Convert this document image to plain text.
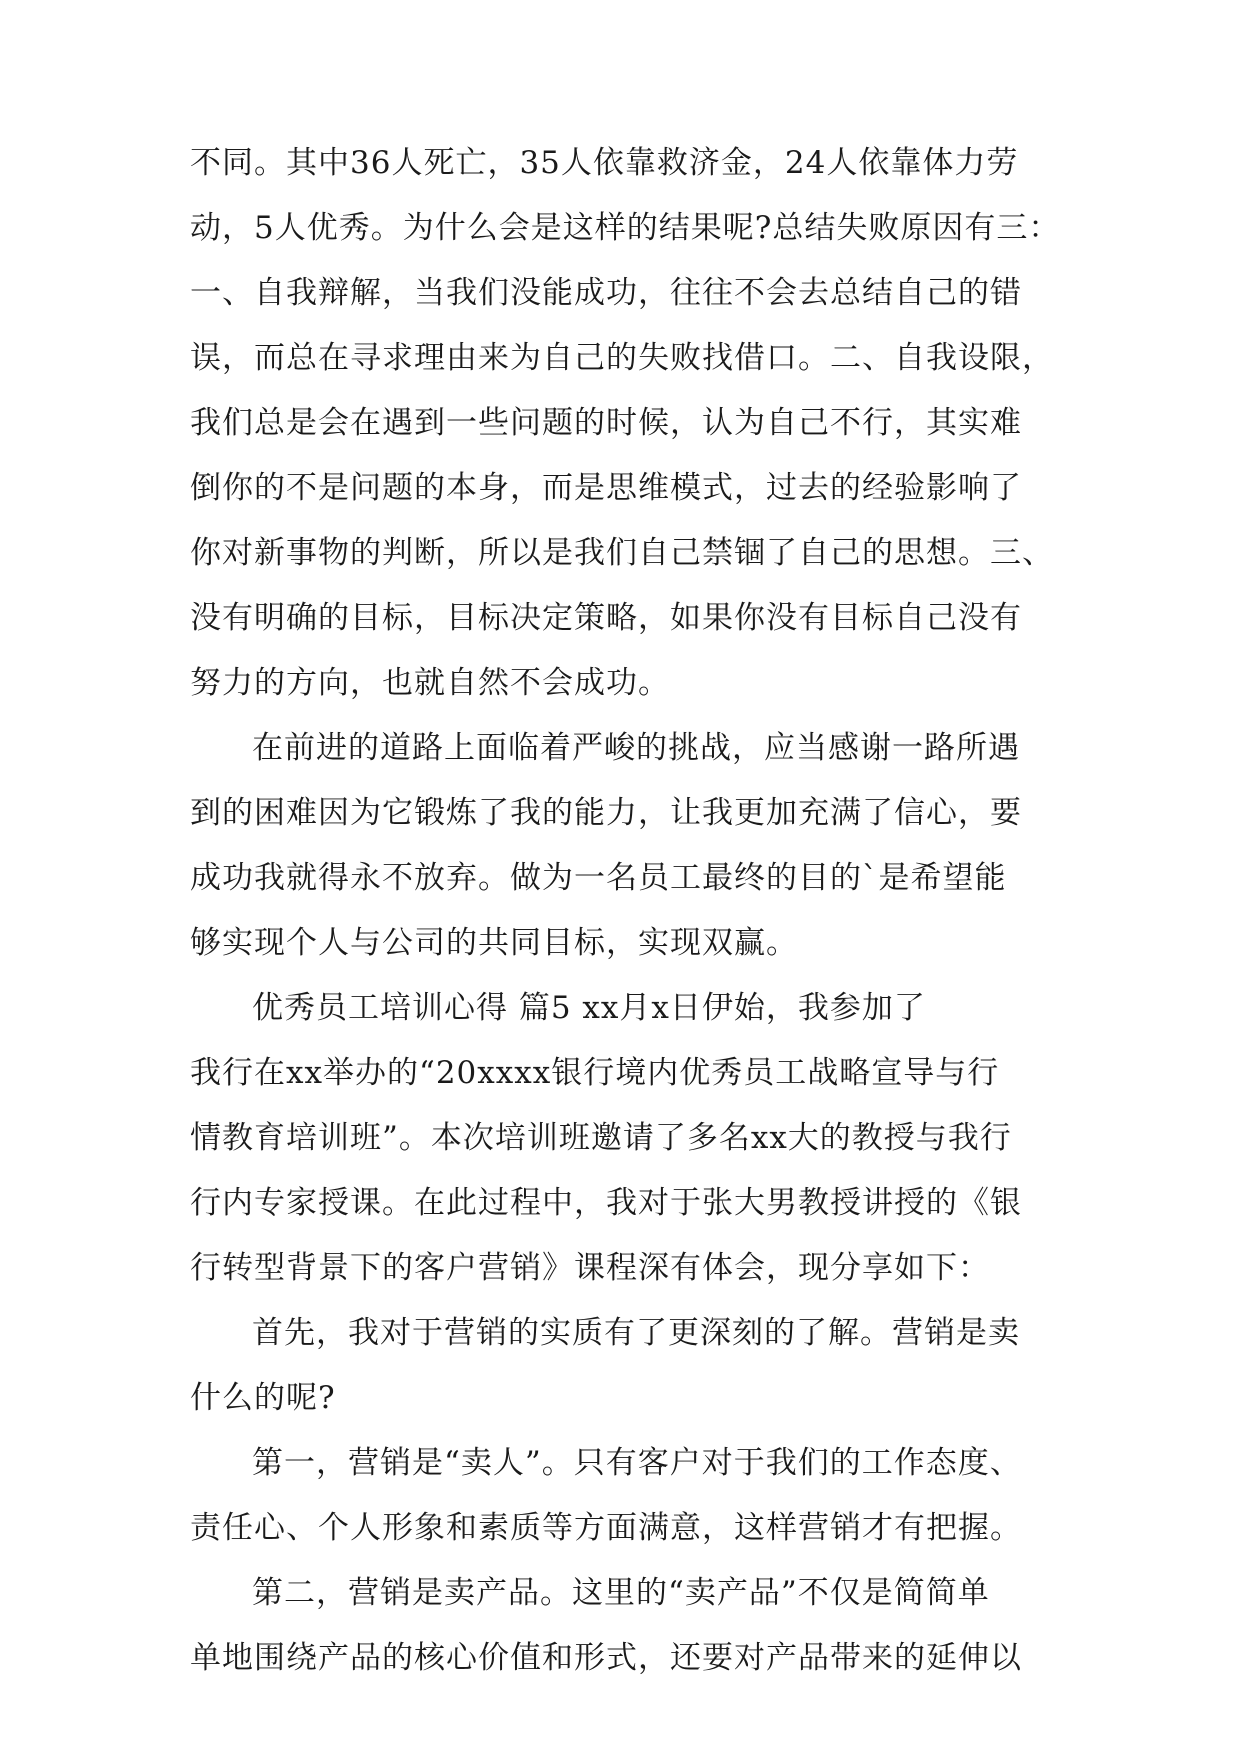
不同。其中36人死亡，35人依靠救济金，24人依靠体力劳
动，5人优秀。为什么会是这样的结果呢?总结失败原因有三：
一、自我辩解，当我们没能成功，往往不会去总结自己的错
误，而总在寻求理由来为自己的失败找借口。二、自我设限，
我们总是会在遇到一些问题的时候，认为自己不行，其实难
倒你的不是问题的本身，而是思维模式，过去的经验影响了
你对新事物的判断，所以是我们自己禁锢了自己的思想。三、
没有明确的目标，目标决定策略，如果你没有目标自己没有
努力的方向，也就自然不会成功。
在前进的道路上面临着严峻的挑战，应当感谢一路所遇
到的困难因为它锻炼了我的能力，让我更加充满了信心，要
成功我就得永不放弃。做为一名员工最终的目的`是希望能
够实现个人与公司的共同目标，实现双赢。
优秀员工培训心得 篇5 xx月x日伊始，我参加了
我行在xx举办的“20xxxx银行境内优秀员工战略宣导与行
情教育培训班”。本次培训班邀请了多名xx大的教授与我行
行内专家授课。在此过程中，我对于张大男教授讲授的《银
行转型背景下的客户营销》课程深有体会，现分享如下：
首先，我对于营销的实质有了更深刻的了解。营销是卖
什么的呢?
第一，营销是“卖人”。只有客户对于我们的工作态度、
责任心、个人形象和素质等方面满意，这样营销才有把握。
第二，营销是卖产品。这里的“卖产品”不仅是简简单
单地围绕产品的核心价值和形式，还要对产品带来的延伸以
